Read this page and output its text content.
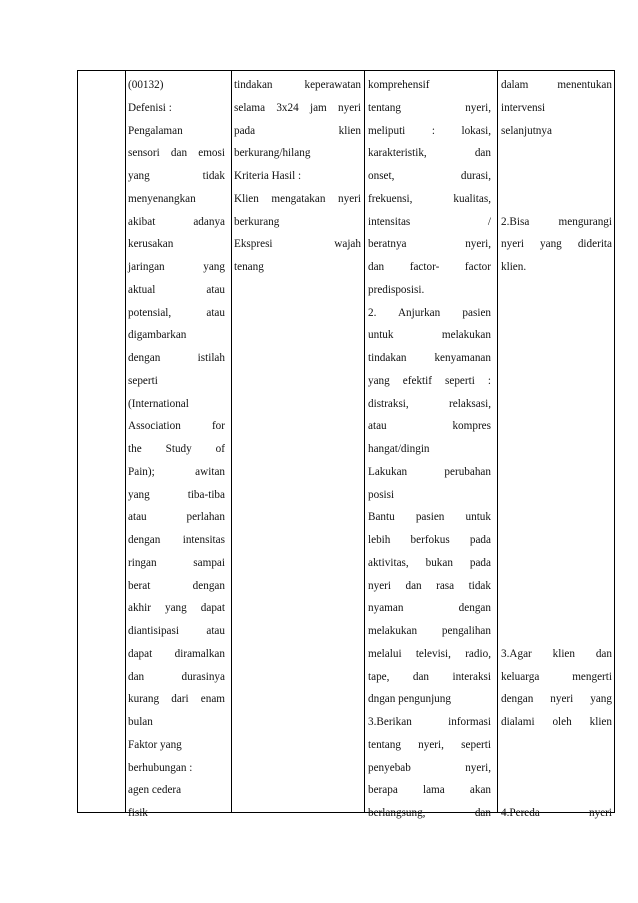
(00132)
Defenisi :
Pengalaman
sensori dan emosi
yang tidak
menyenangkan
akibat adanya
kerusakan
jaringan yang
aktual atau
potensial, atau
digambarkan
dengan istilah
seperti
(International
Association for
the Study of
Pain); awitan
yang tiba-tiba
atau perlahan
dengan intensitas
ringan sampai
berat dengan
akhir yang dapat
diantisipasi atau
dapat diramalkan
dan durasinya
kurang dari enam
bulan
Faktor yang
berhubungan :
agen cedera
fisik
tindakan keperawatan
selama 3x24 jam nyeri
pada klien
berkurang/hilang
Kriteria Hasil :
Klien mengatakan nyeri
berkurang
Ekspresi wajah
tenang
komprehensif
tentang nyeri,
meliputi : lokasi,
karakteristik, dan
onset, durasi,
frekuensi, kualitas,
intensitas /
beratnya nyeri,
dan factor- factor
predisposisi.
2. Anjurkan pasien
untuk melakukan
tindakan kenyamanan
yang efektif seperti :
distraksi, relaksasi,
atau kompres
hangat/dingin
Lakukan perubahan
posisi
Bantu pasien untuk
lebih berfokus pada
aktivitas, bukan pada
nyeri dan rasa tidak
nyaman dengan
melakukan pengalihan
melalui televisi, radio,
tape, dan interaksi
dngan pengunjung
3.Berikan informasi
tentang nyeri, seperti
penyebab nyeri,
berapa lama akan
berlangsung, dan
dalam menentukan
intervensi
selanjutnya
2.Bisa mengurangi
nyeri yang diderita
klien.
3.Agar klien dan
keluarga mengerti
dengan nyeri yang
dialami oleh klien
4.Pereda nyeri
